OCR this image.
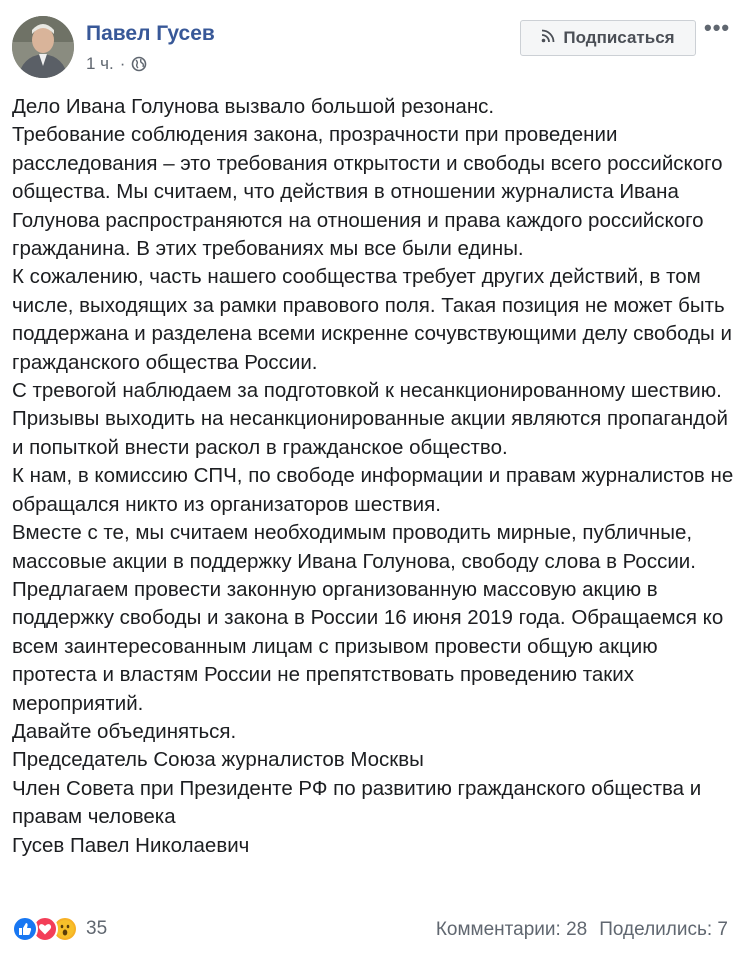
Павел Гусев
1 ч. ·
Подписаться •••

Дело Ивана Голунова вызвало большой резонанс.

Требование соблюдения закона, прозрачности при проведении расследования – это требования открытости и свободы всего российского общества. Мы считаем, что действия в отношении журналиста Ивана Голунова распространяются на отношения и права каждого российского гражданина. В этих требованиях мы все были едины.

К сожалению, часть нашего сообщества требует других действий, в том числе, выходящих за рамки правового поля. Такая позиция не может быть поддержана и разделена всеми искренне сочувствующими делу свободы и гражданского общества России.

С тревогой наблюдаем за подготовкой к несанкционированному шествию.

Призывы выходить на несанкционированные акции являются пропагандой и попыткой внести раскол в гражданское общество.

К нам, в комиссию СПЧ, по свободе информации и правам журналистов не обращался никто из организаторов шествия.

Вместе с те, мы считаем необходимым проводить мирные, публичные, массовые акции в поддержку Ивана Голунова, свободу слова в России. Предлагаем провести законную организованную массовую акцию в поддержку свободы и закона в России 16 июня 2019 года. Обращаемся ко всем заинтересованным лицам с призывом провести общую акцию протеста и властям России не препятствовать проведению таких мероприятий.

Давайте объединяться.

Председатель Союза журналистов Москвы

Член Совета при Президенте РФ по развитию гражданского общества и правам человека

Гусев Павел Николаевич

35	Комментарии: 28 Поделились: 7
